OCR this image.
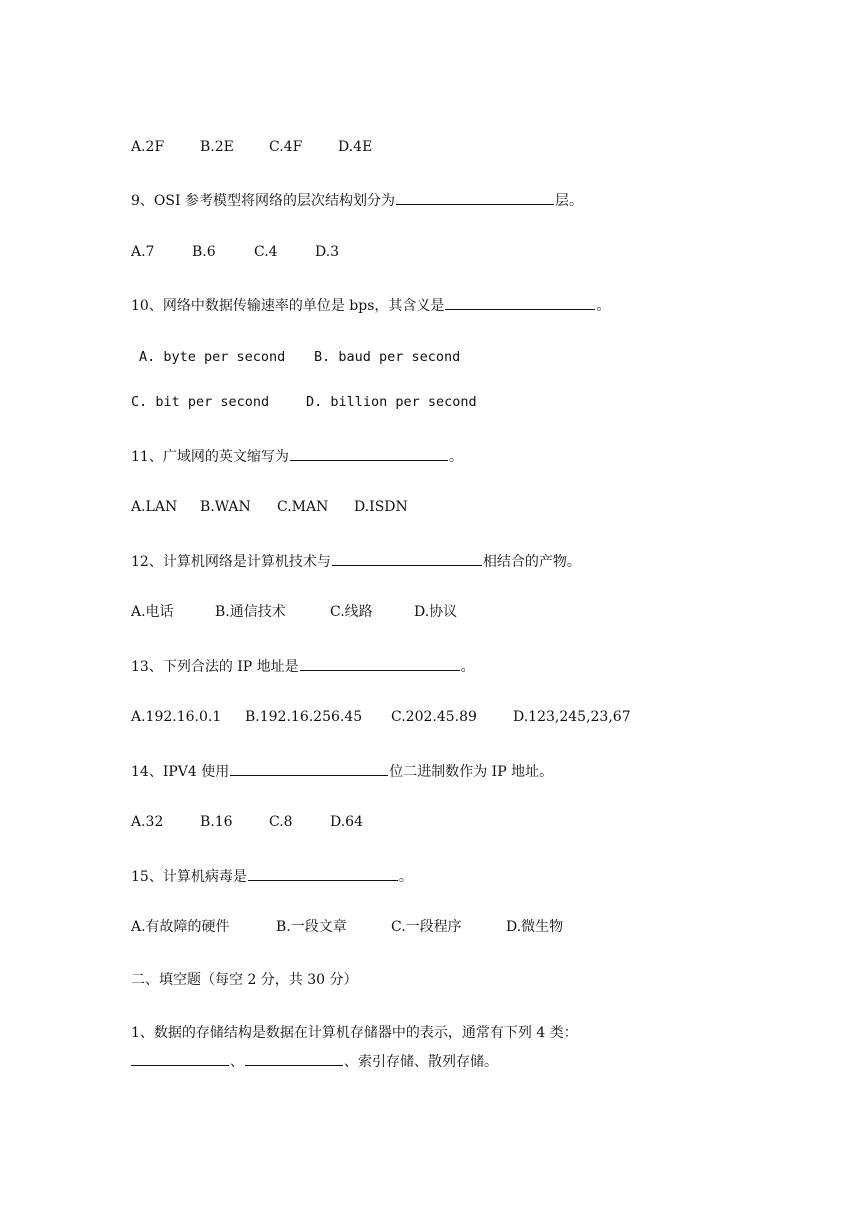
A.2F	B.2E	C.4F	D.4E
9、OSI 参考模型将网络的层次结构划分为	层。
A.7	B.6	C.4	D.3
10、网络中数据传输速率的单位是 bps，其含义是	。
A. byte per second B. baud per second
C. bit per second	D. billion per second
11、广域网的英文缩写为	。
A.LAN B.WAN C.MAN D.ISDN
12、计算机网络是计算机技术与	相结合的产物。
A.电话	B.通信技术	C.线路	D.协议
13、下列合法的 IP 地址是	。
A.192.16.0.1 B.192.16.256.45 C.202.45.89	D.123,245,23,67
14、IPV4 使用	位二进制数作为 IP 地址。
A.32	B.16	C.8	D.64
15、计算机病毒是	。
A.有故障的硬件	B.一段文章	C.一段程序	D.微生物
二、填空题（每空 2 分，共 30 分）
1、数据的存储结构是数据在计算机存储器中的表示，通常有下列 4 类：
、	、索引存储、散列存储。
